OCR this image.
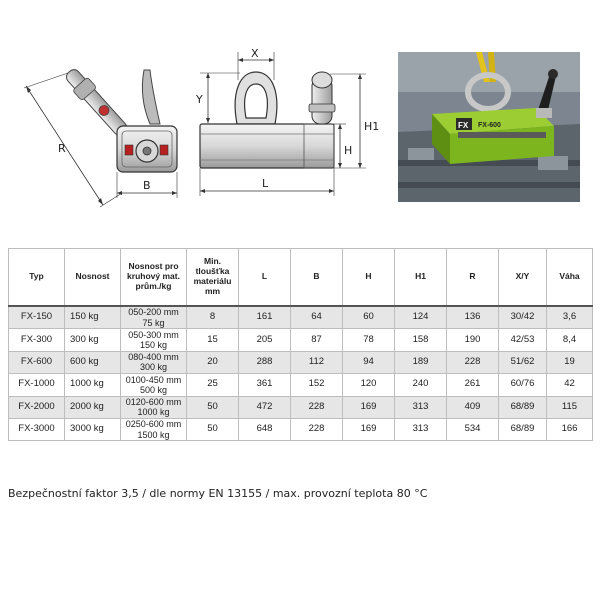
R
B
X
Y
H1
H
L
FX FX-600
Typ	Nosnost	Nosnost pro
kruhový mat.
prům./kg	Min. tloušťka
materiálu mm	L	B	H	H1	R	X/Y	Váha
FX-150	150 kg	050-200 mm
75 kg	8	161	64	60	124	136	30/42	3,6
FX-300	300 kg	050-300 mm
150 kg	15	205	87	78	158	190	42/53	8,4
FX-600	600 kg	080-400 mm
300 kg	20	288	112	94	189	228	51/62	19
FX-1000	1000 kg	0100-450 mm
500 kg	25	361	152	120	240	261	60/76	42
FX-2000	2000 kg	0120-600 mm
1000 kg	50	472	228	169	313	409	68/89	115
FX-3000	3000 kg	0250-600 mm
1500 kg	50	648	228	169	313	534	68/89	166
Bezpečnostní faktor 3,5 / dle normy EN 13155 / max. provozní teplota 80 °C
